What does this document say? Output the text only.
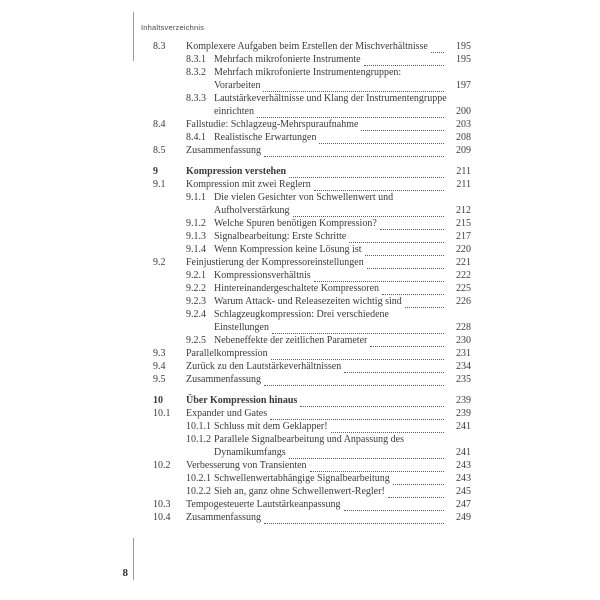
Inhaltsverzeichnis
8.3	Komplexere Aufgaben beim Erstellen der Mischverhältnisse	195
8.3.1 Mehrfach mikrofonierte Instrumente	195
8.3.2 Mehrfach mikrofonierte Instrumentengruppen:
Vorarbeiten	197
8.3.3 Lautstärkeverhältnisse und Klang der Instrumentengruppe
einrichten	200
8.4	Fallstudie: Schlagzeug-Mehrspuraufnahme	203
8.4.1 Realistische Erwartungen	208
8.5	Zusammenfassung	209
9	Kompression verstehen	211
9.1	Kompression mit zwei Reglern	211
9.1.1 Die vielen Gesichter von Schwellenwert und
Aufholverstärkung	212
9.1.2 Welche Spuren benötigen Kompression?	215
9.1.3 Signalbearbeitung: Erste Schritte	217
9.1.4 Wenn Kompression keine Lösung ist	220
9.2	Feinjustierung der Kompressoreinstellungen	221
9.2.1 Kompressionsverhältnis	222
9.2.2 Hintereinandergeschaltete Kompressoren	225
9.2.3 Warum Attack- und Releasezeiten wichtig sind	226
9.2.4 Schlagzeugkompression: Drei verschiedene
Einstellungen	228
9.2.5 Nebeneffekte der zeitlichen Parameter	230
9.3	Parallelkompression	231
9.4	Zurück zu den Lautstärkeverhältnissen	234
9.5	Zusammenfassung	235
10	Über Kompression hinaus	239
10.1	Expander und Gates	239
10.1.1 Schluss mit dem Geklapper!	241
10.1.2 Parallele Signalbearbeitung und Anpassung des
Dynamikumfangs	241
10.2	Verbesserung von Transienten	243
10.2.1 Schwellenwertabhängige Signalbearbeitung	243
10.2.2 Sieh an, ganz ohne Schwellenwert-Regler!	245
10.3	Tempogesteuerte Lautstärkeanpassung	247
10.4	Zusammenfassung	249
8
